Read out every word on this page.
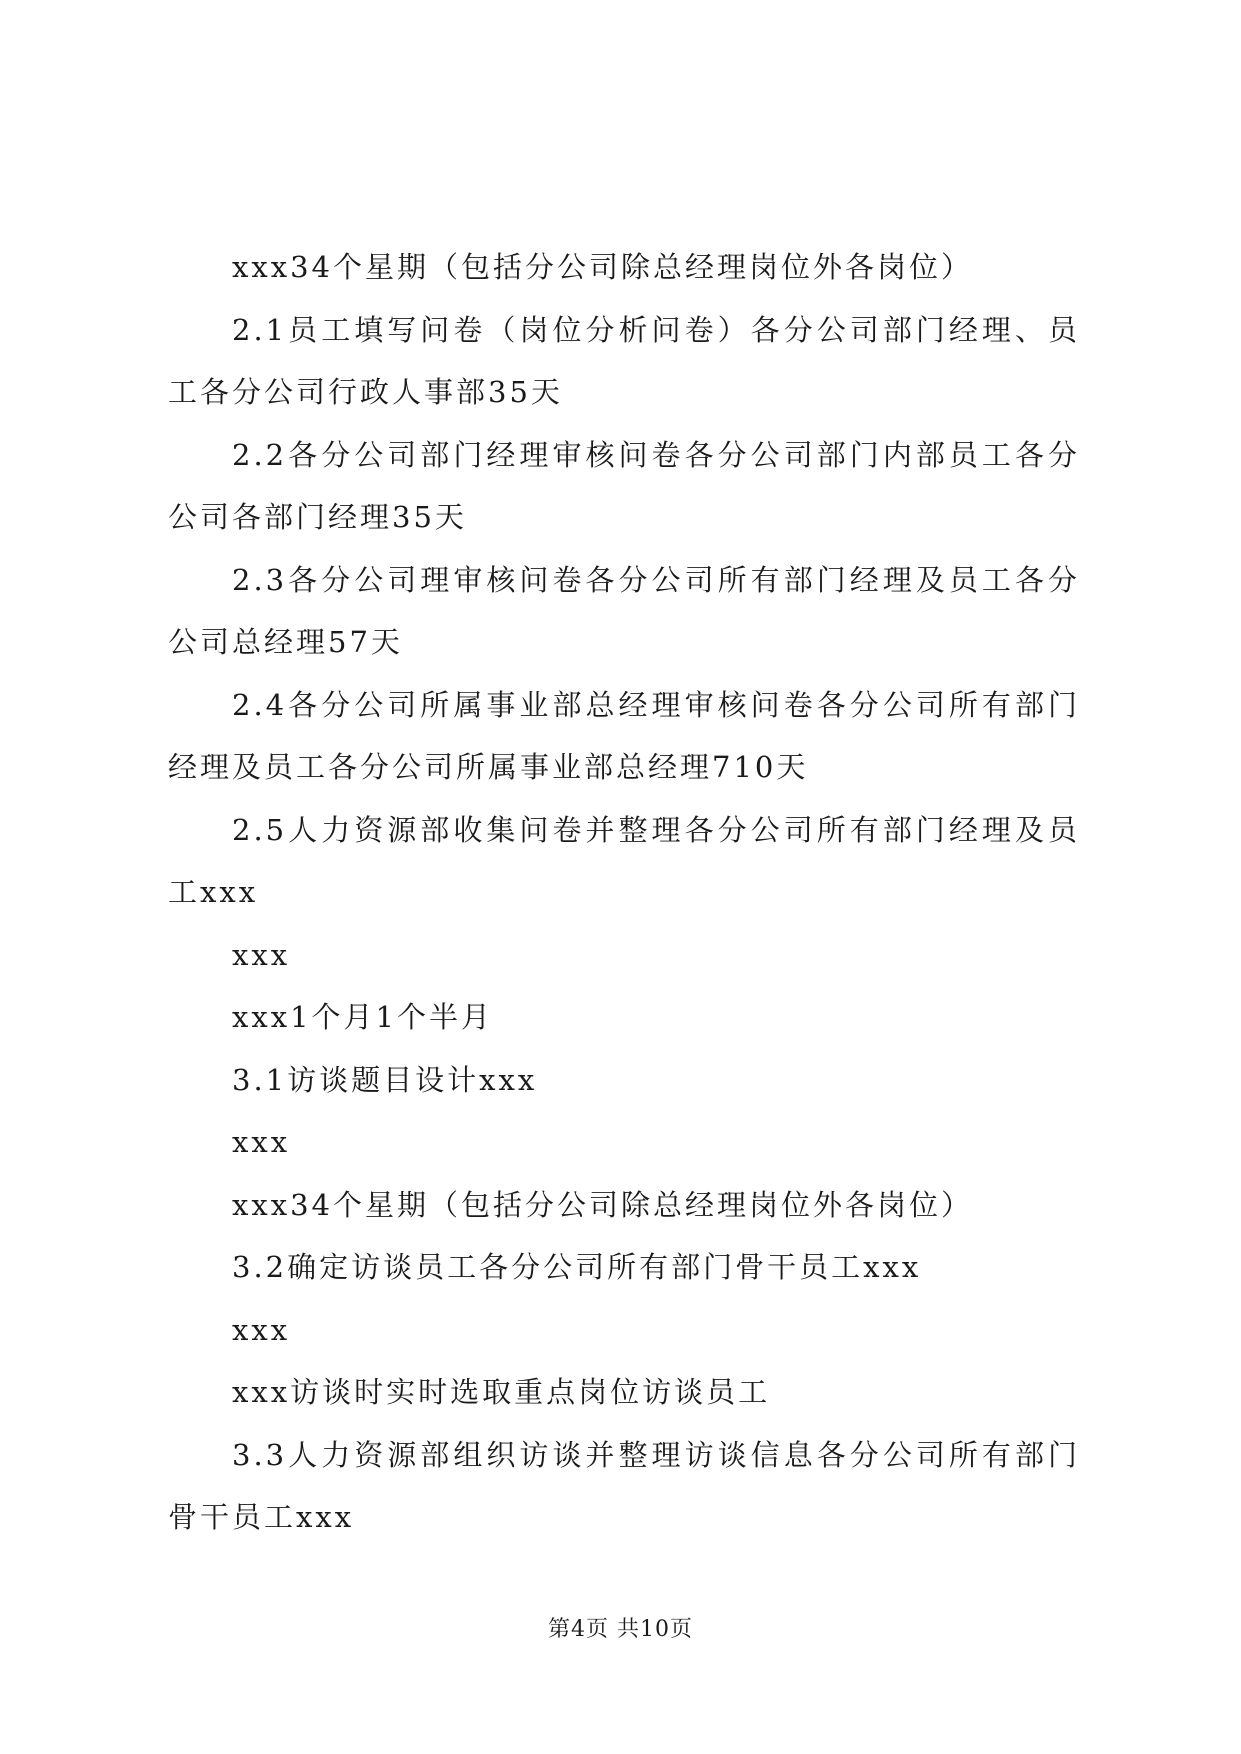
xxx34个星期（包括分公司除总经理岗位外各岗位）

2.1员工填写问卷（岗位分析问卷）各分公司部门经理、员工各分公司行政人事部35天

2.2各分公司部门经理审核问卷各分公司部门内部员工各分公司各部门经理35天

2.3各分公司理审核问卷各分公司所有部门经理及员工各分公司总经理57天

2.4各分公司所属事业部总经理审核问卷各分公司所有部门经理及员工各分公司所属事业部总经理710天

2.5人力资源部收集问卷并整理各分公司所有部门经理及员工xxx

xxx

xxx1个月1个半月

3.1访谈题目设计xxx

xxx

xxx34个星期（包括分公司除总经理岗位外各岗位）

3.2确定访谈员工各分公司所有部门骨干员工xxx

xxx

xxx访谈时实时选取重点岗位访谈员工

3.3人力资源部组织访谈并整理访谈信息各分公司所有部门骨干员工xxx

第4页 共10页
